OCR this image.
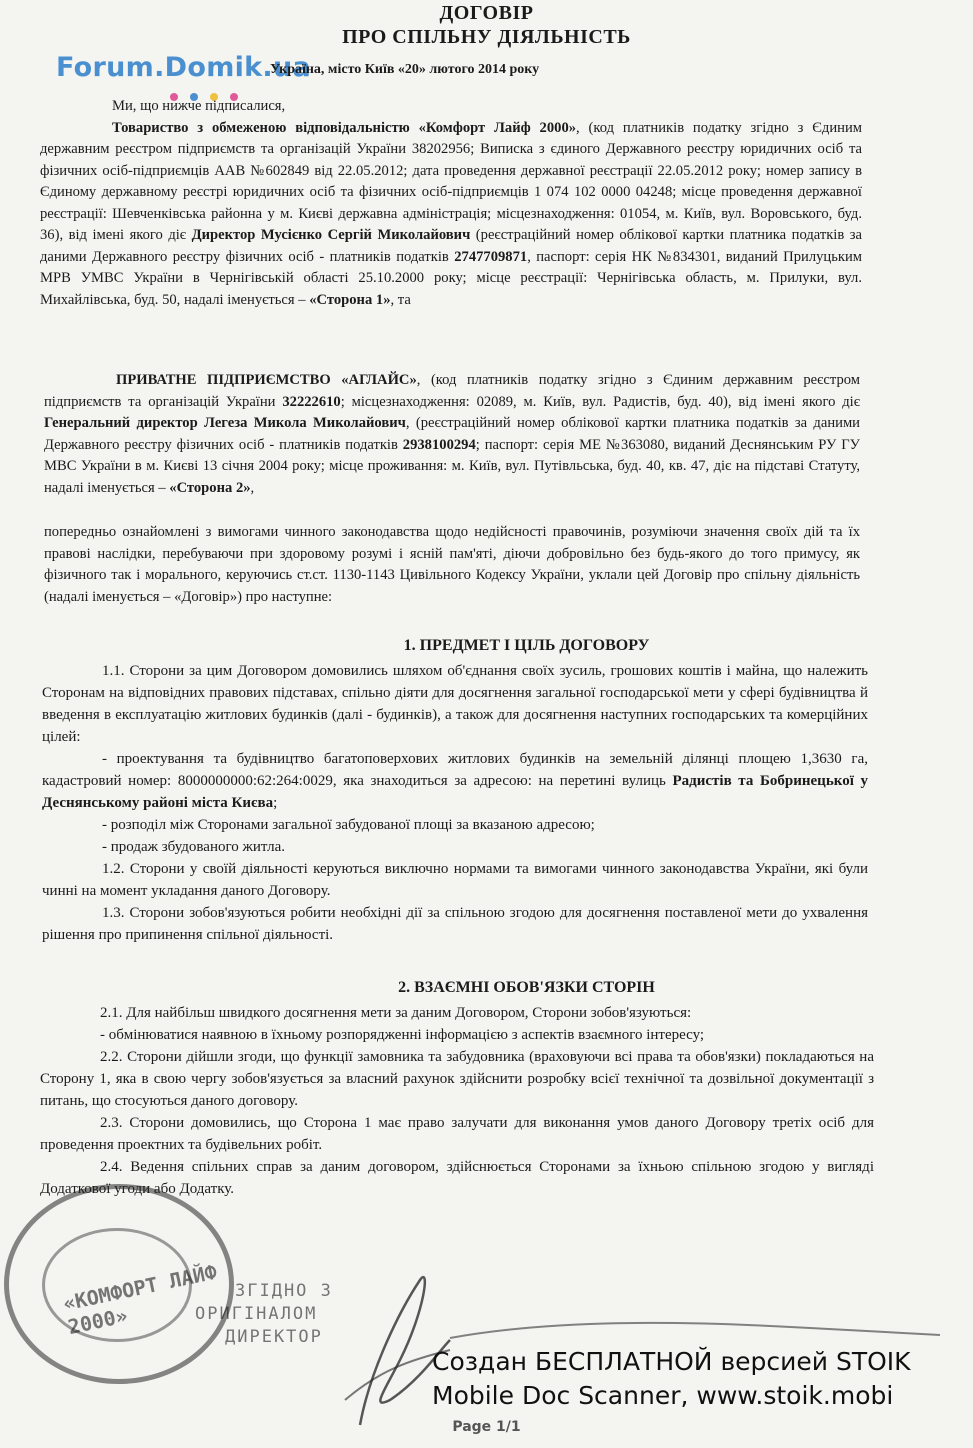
ДОГОВІР
ПРО СПІЛЬНУ ДІЯЛЬНІСТЬ
Forum.Domik.ua
Україна, місто Київ «20» лютого 2014 року
Ми, що нижче підписалися,
Товариство з обмеженою відповідальністю «Комфорт Лайф 2000», (код платників податку згідно з Єдиним державним реєстром підприємств та організацій України 38202956; Виписка з єдиного Державного реєстру юридичних осіб та фізичних осіб-підприємців ААВ №602849 від 22.05.2012; дата проведення державної реєстрації 22.05.2012 року; номер запису в Єдиному державному реєстрі юридичних осіб та фізичних осіб-підприємців 1 074 102 0000 04248; місце проведення державної реєстрації: Шевченківська районна у м. Києві державна адміністрація; місцезнаходження: 01054, м. Київ, вул. Воровського, буд. 36), від імені якого діє Директор Мусієнко Сергій Миколайович (реєстраційний номер облікової картки платника податків за даними Державного реєстру фізичних осіб - платників податків 2747709871, паспорт: серія НК №834301, виданий Прилуцьким МРВ УМВС України в Чернігівській області 25.10.2000 року; місце реєстрації: Чернігівська область, м. Прилуки, вул. Михайлівська, буд. 50, надалі іменується – «Сторона 1», та
ПРИВАТНЕ ПІДПРИЄМСТВО «АГЛАЙС», (код платників податку згідно з Єдиним державним реєстром підприємств та організацій України 32222610; місцезнаходження: 02089, м. Київ, вул. Радистів, буд. 40), від імені якого діє Генеральний директор Легеза Микола Миколайович, (реєстраційний номер облікової картки платника податків за даними Державного реєстру фізичних осіб - платників податків 2938100294; паспорт: серія МЕ №363080, виданий Деснянським РУ ГУ МВС України в м. Києві 13 січня 2004 року; місце проживання: м. Київ, вул. Путівльська, буд. 40, кв. 47, діє на підставі Статуту, надалі іменується – «Сторона 2»,
попередньо ознайомлені з вимогами чинного законодавства щодо недійсності правочинів, розуміючи значення своїх дій та їх правові наслідки, перебуваючи при здоровому розумі і ясній пам'яті, діючи добровільно без будь-якого до того примусу, як фізичного так і морального, керуючись ст.ст. 1130-1143 Цивільного Кодексу України, уклали цей Договір про спільну діяльність (надалі іменується – «Договір») про наступне:
1. ПРЕДМЕТ І ЦІЛЬ ДОГОВОРУ
1.1. Сторони за цим Договором домовились шляхом об'єднання своїх зусиль, грошових коштів і майна, що належить Сторонам на відповідних правових підставах, спільно діяти для досягнення загальної господарської мети у сфері будівництва й введення в експлуатацію житлових будинків (далі - будинків), а також для досягнення наступних господарських та комерційних цілей:
- проектування та будівництво багатоповерхових житлових будинків на земельній ділянці площею 1,3630 га, кадастровий номер: 8000000000:62:264:0029, яка знаходиться за адресою: на перетині вулиць Радистів та Бобринецької у Деснянському районі міста Києва;
- розподіл між Сторонами загальної забудованої площі за вказаною адресою;
- продаж збудованого житла.
1.2. Сторони у своїй діяльності керуються виключно нормами та вимогами чинного законодавства України, які були чинні на момент укладання даного Договору.
1.3. Сторони зобов'язуються робити необхідні дії за спільною згодою для досягнення поставленої мети до ухвалення рішення про припинення спільної діяльності.
2. ВЗАЄМНІ ОБОВ'ЯЗКИ СТОРІН
2.1. Для найбільш швидкого досягнення мети за даним Договором, Сторони зобов'язуються:
- обмінюватися наявною в їхньому розпорядженні інформацією з аспектів взаємного інтересу;
2.2. Сторони дійшли згоди, що функції замовника та забудовника (враховуючи всі права та обов'язки) покладаються на Сторону 1, яка в свою чергу зобов'язується за власний рахунок здійснити розробку всієї технічної та дозвільної документації з питань, що стосуються даного договору.
2.3. Сторони домовились, що Сторона 1 має право залучати для виконання умов даного Договору третіх осіб для проведення проектних та будівельних робіт.
2.4. Ведення спільних справ за даним договором, здійснюється Сторонами за їхньою спільною згодою у вигляді Додаткової угоди або Додатку.
«КОМФОРТ ЛАЙФ 2000»
ЗГІДНО З
ОРИГІНАЛОМ
ДИРЕКТОР
Создан БЕСПЛАТНОЙ версией STOIK
Mobile Doc Scanner, www.stoik.mobi
Page 1/1
